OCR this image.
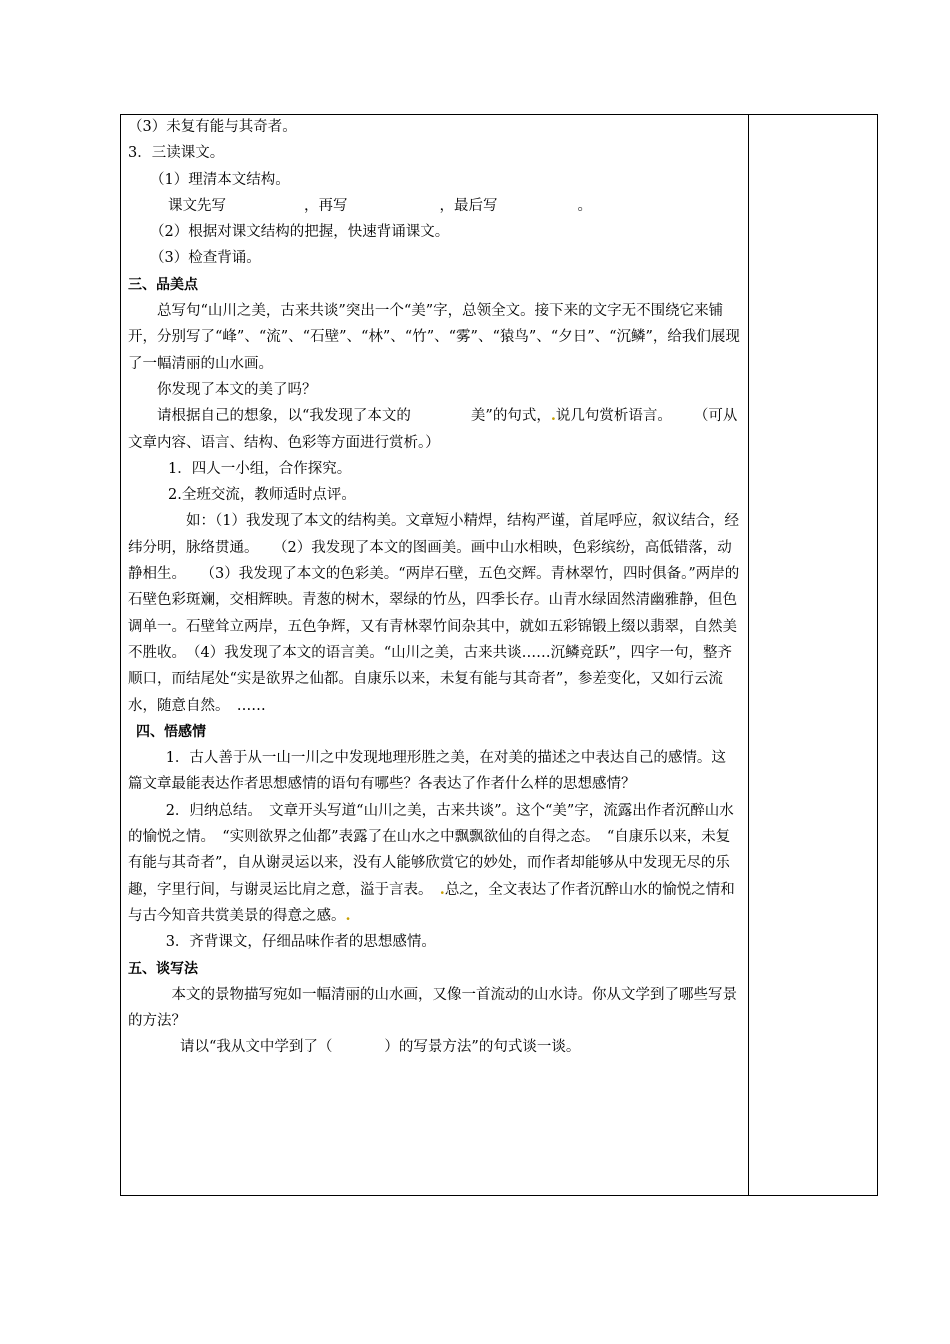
（3）未复有能与其奇者。

3．三读课文。

（1）理清本文结构。

课文先写	，再写	，最后写	。

（2）根据对课文结构的把握，快速背诵课文。

（3）检查背诵。

三、品美点

总写句“山川之美，古来共谈”突出一个“美”字，总领全文。接下来的文字无不围绕它来铺开，分别写了“峰”、“流”、“石壁”、“林”、“竹”、“雾”、“猿鸟”、“夕日”、“沉鳞”，给我们展现了一幅清丽的山水画。

你发现了本文的美了吗？

请根据自己的想象，以“我发现了本文的	美”的句式，.说几句赏析语言。 （可从文章内容、语言、结构、色彩等方面进行赏析。）

1．四人一小组，合作探究。

2.全班交流，教师适时点评。

如：（1）我发现了本文的结构美。文章短小精焊，结构严谨，首尾呼应，叙议结合，经纬分明，脉络贯通。　　（2）我发现了本文的图画美。画中山水相映，色彩缤纷，高低错落，动静相生。　　（3）我发现了本文的色彩美。“两岸石壁，五色交辉。青林翠竹，四时俱备。”两岸的石壁色彩斑斓，交相辉映。青葱的树木，翠绿的竹丛，四季长存。山青水绿固然清幽雅静，但色调单一。石壁耸立两岸，五色争辉，又有青林翠竹间杂其中，就如五彩锦锻上缀以翡翠，自然美不胜收。　（4）我发现了本文的语言美。“山川之美，古来共谈……沉鳞竞跃”，四字一句，整齐顺口，而结尾处“实是欲界之仙都。自康乐以来，未复有能与其奇者”，参差变化，又如行云流水，随意自然。　……

四、悟感情

1．古人善于从一山一川之中发现地理形胜之美，在对美的描述之中表达自己的感情。这篇文章最能表达作者思想感情的语句有哪些？各表达了作者什么样的思想感情？

2．归纳总结。　文章开头写道“山川之美，古来共谈”。这个“美”字，流露出作者沉醉山水的愉悦之情。　“实则欲界之仙都”表露了在山水之中飘飘欲仙的自得之态。　“自康乐以来，未复有能与其奇者”，自从谢灵运以来，没有人能够欣赏它的妙处，而作者却能够从中发现无尽的乐趣，字里行间，与谢灵运比肩之意，溢于言表。　.总之，全文表达了作者沉醉山水的愉悦之情和与古今知音共赏美景的得意之感。.

3．齐背课文，仔细品味作者的思想感情。

五、谈写法

本文的景物描写宛如一幅清丽的山水画，又像一首流动的山水诗。你从文学到了哪些写景的方法？

请以“我从文中学到了（	）的写景方法”的句式谈一谈。
